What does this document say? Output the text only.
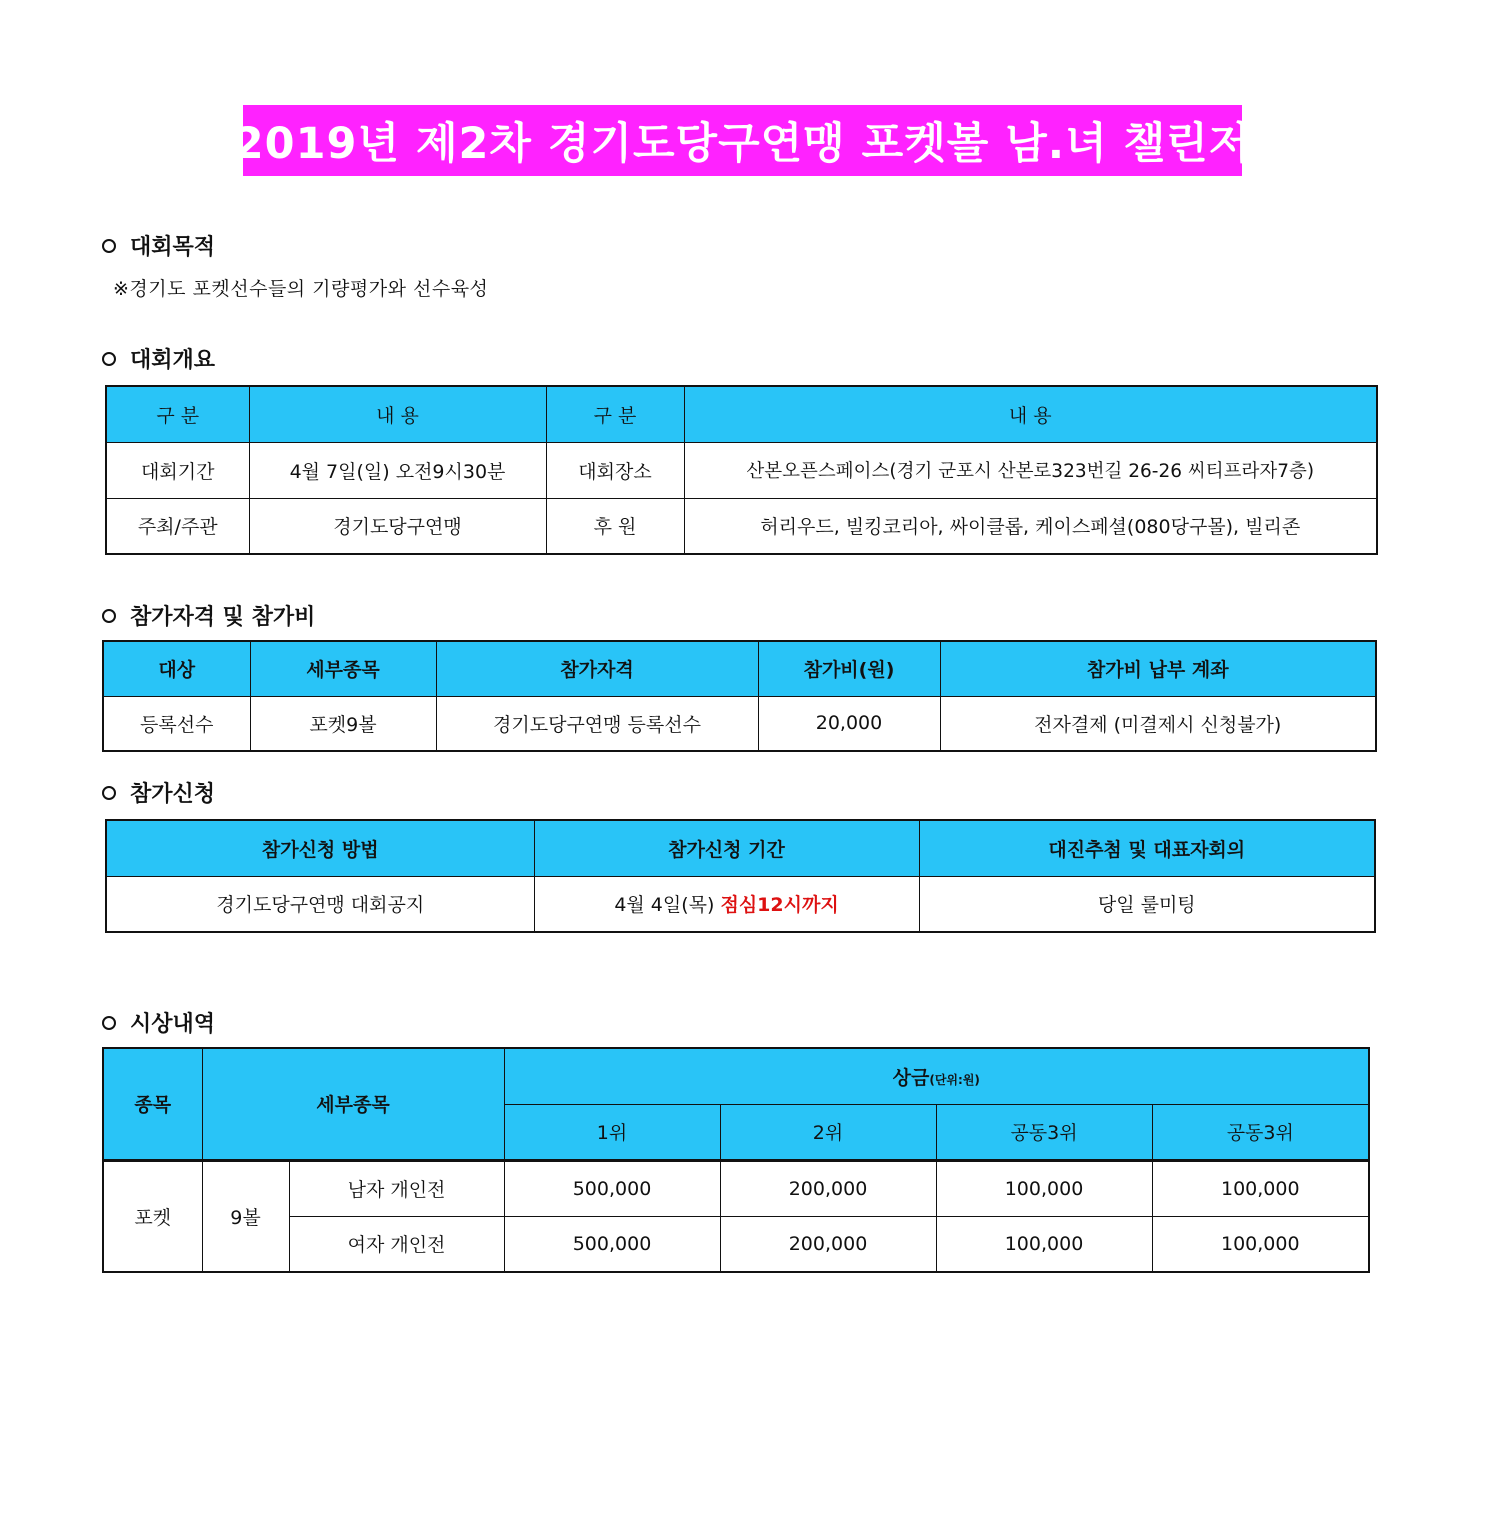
2019년 제2차 경기도당구연맹 포켓볼 남.녀 챌린저
대회목적
※경기도 포켓선수들의 기량평가와 선수육성
대회개요
구 분	내 용	구 분	내 용
대회기간	4월 7일(일) 오전9시30분	대회장소	산본오픈스페이스(경기 군포시 산본로323번길 26-26 씨티프라자7층)
주최/주관	경기도당구연맹	후 원	허리우드, 빌킹코리아, 싸이클롭, 케이스페셜(080당구몰), 빌리존
참가자격 및 참가비
대상	세부종목	참가자격	참가비(원)	참가비 납부 계좌
등록선수	포켓9볼	경기도당구연맹 등록선수	20,000	전자결제 (미결제시 신청불가)
참가신청
참가신청 방법	참가신청 기간	대진추첨 및 대표자회의
경기도당구연맹 대회공지	4월 4일(목) 점심12시까지	당일 룰미팅
시상내역
종목	세부종목		상금(단위:원)			
			1위	2위	공동3위	공동3위
포켓	9볼	남자 개인전	500,000	200,000	100,000	100,000
		여자 개인전	500,000	200,000	100,000	100,000
